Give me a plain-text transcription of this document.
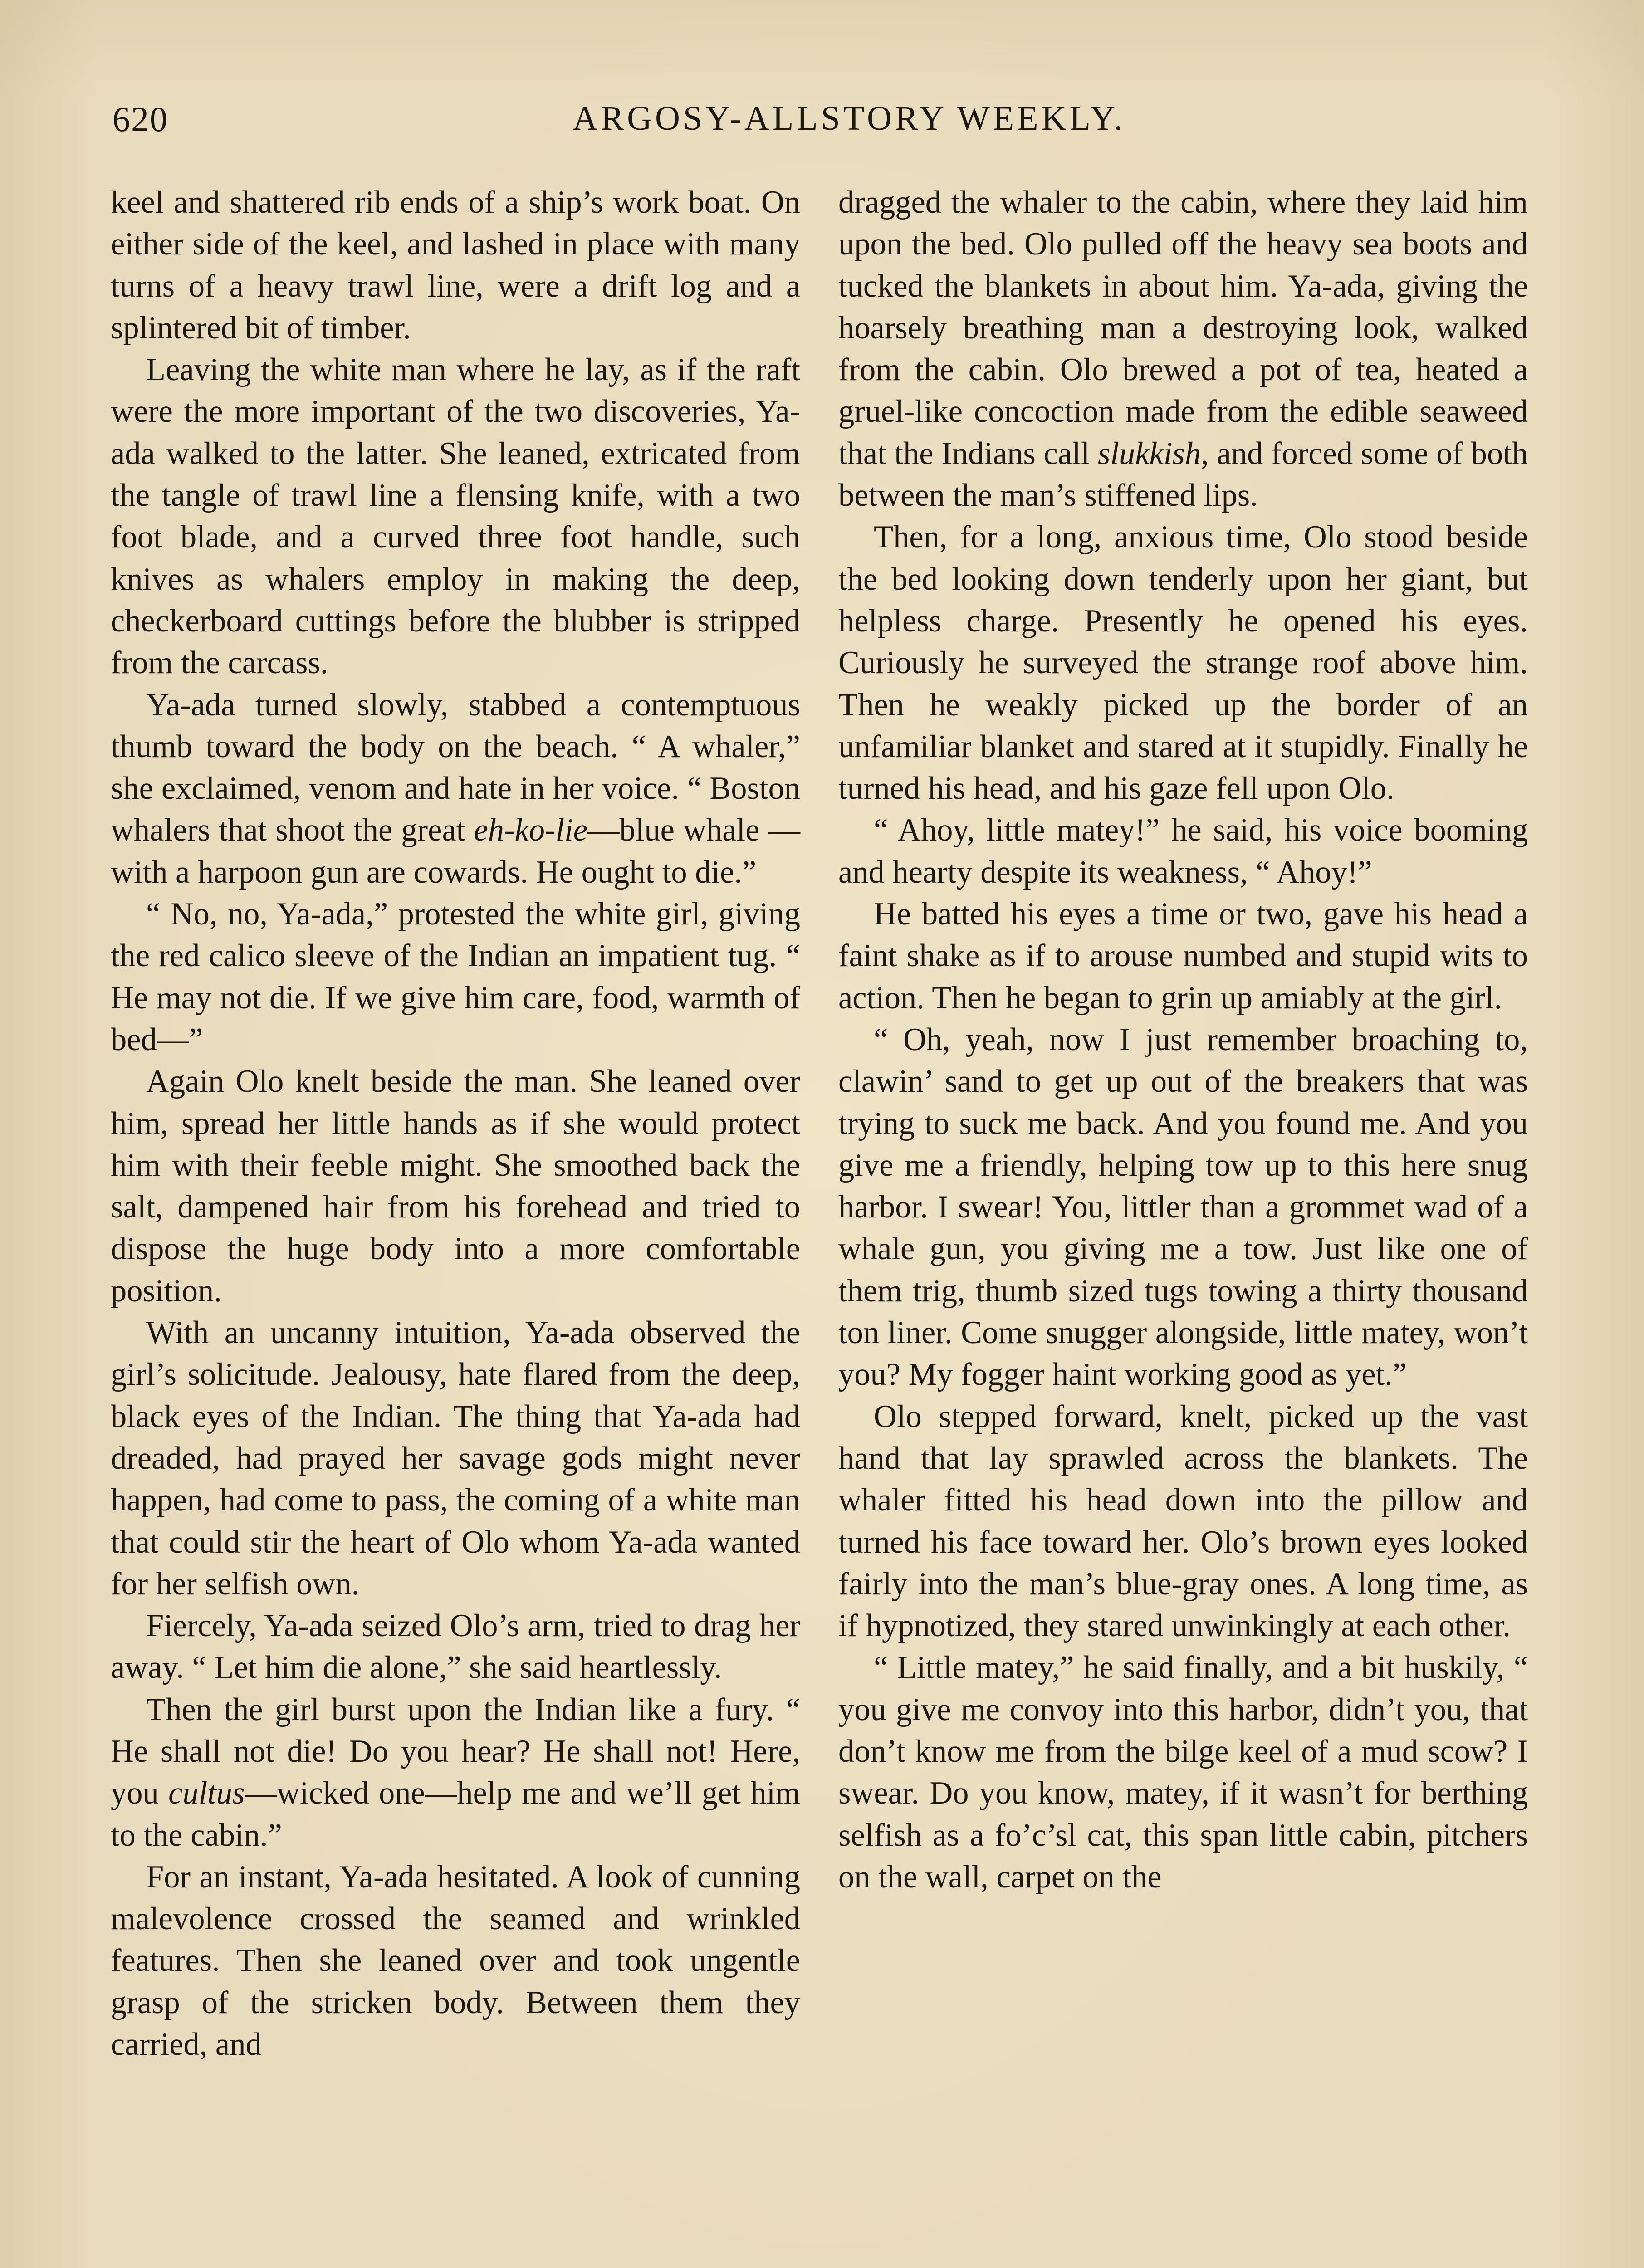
620	ARGOSY-ALLSTORY WEEKLY.

keel and shattered rib ends of a ship’s work boat. On either side of the keel, and lashed in place with many turns of a heavy trawl line, were a drift log and a splintered bit of timber.

Leaving the white man where he lay, as if the raft were the more important of the two discoveries, Ya-ada walked to the latter. She leaned, extricated from the tangle of trawl line a flensing knife, with a two foot blade, and a curved three foot handle, such knives as whalers employ in making the deep, checkerboard cuttings before the blubber is stripped from the carcass.

Ya-ada turned slowly, stabbed a contemptuous thumb toward the body on the beach. “ A whaler,” she exclaimed, venom and hate in her voice. “ Boston whalers that shoot the great eh-ko-lie—blue whale —with a harpoon gun are cowards. He ought to die.”

“ No, no, Ya-ada,” protested the white girl, giving the red calico sleeve of the Indian an impatient tug. “ He may not die. If we give him care, food, warmth of bed—”

Again Olo knelt beside the man. She leaned over him, spread her little hands as if she would protect him with their feeble might. She smoothed back the salt, dampened hair from his forehead and tried to dispose the huge body into a more comfortable position.

With an uncanny intuition, Ya-ada observed the girl’s solicitude. Jealousy, hate flared from the deep, black eyes of the Indian. The thing that Ya-ada had dreaded, had prayed her savage gods might never happen, had come to pass, the coming of a white man that could stir the heart of Olo whom Ya-ada wanted for her selfish own.

Fiercely, Ya-ada seized Olo’s arm, tried to drag her away. “ Let him die alone,” she said heartlessly.

Then the girl burst upon the Indian like a fury. “ He shall not die! Do you hear? He shall not! Here, you cultus—wicked one—help me and we’ll get him to the cabin.”

For an instant, Ya-ada hesitated. A look of cunning malevolence crossed the seamed and wrinkled features. Then she leaned over and took ungentle grasp of the stricken body. Between them they carried, and

dragged the whaler to the cabin, where they laid him upon the bed. Olo pulled off the heavy sea boots and tucked the blankets in about him. Ya-ada, giving the hoarsely breathing man a destroying look, walked from the cabin. Olo brewed a pot of tea, heated a gruel-like concoction made from the edible seaweed that the Indians call slukkish, and forced some of both between the man’s stiffened lips.

Then, for a long, anxious time, Olo stood beside the bed looking down tenderly upon her giant, but helpless charge. Presently he opened his eyes. Curiously he surveyed the strange roof above him. Then he weakly picked up the border of an unfamiliar blanket and stared at it stupidly. Finally he turned his head, and his gaze fell upon Olo.

“ Ahoy, little matey!” he said, his voice booming and hearty despite its weakness, “ Ahoy!”

He batted his eyes a time or two, gave his head a faint shake as if to arouse numbed and stupid wits to action. Then he began to grin up amiably at the girl.

“ Oh, yeah, now I just remember broaching to, clawin’ sand to get up out of the breakers that was trying to suck me back. And you found me. And you give me a friendly, helping tow up to this here snug harbor. I swear! You, littler than a grommet wad of a whale gun, you giving me a tow. Just like one of them trig, thumb sized tugs towing a thirty thousand ton liner. Come snugger alongside, little matey, won’t you? My fogger haint working good as yet.”

Olo stepped forward, knelt, picked up the vast hand that lay sprawled across the blankets. The whaler fitted his head down into the pillow and turned his face toward her. Olo’s brown eyes looked fairly into the man’s blue-gray ones. A long time, as if hypnotized, they stared unwinkingly at each other.

“ Little matey,” he said finally, and a bit huskily, “ you give me convoy into this harbor, didn’t you, that don’t know me from the bilge keel of a mud scow? I swear. Do you know, matey, if it wasn’t for berthing selfish as a fo’c’sl cat, this span little cabin, pitchers on the wall, carpet on the
